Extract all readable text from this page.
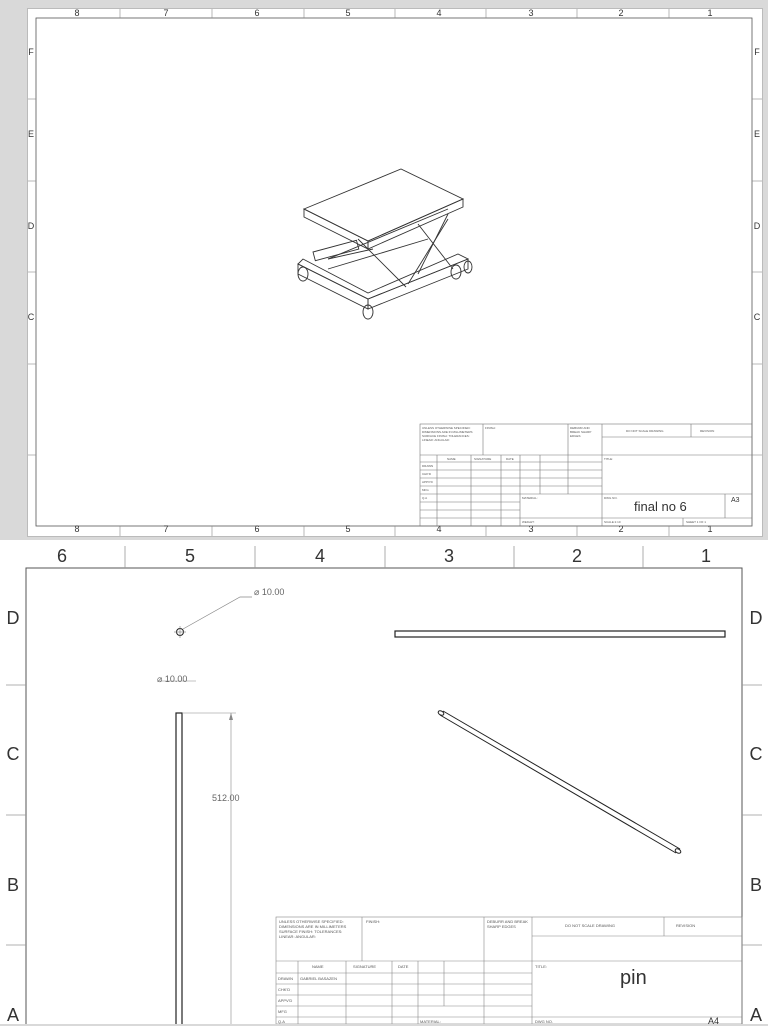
8	7	6	5	4	3	2	1
8	7	6	5	4	3	2	1
F
E
D
C
F
E
D
C
UNLESS OTHERWISE SPECIFIED: DIMENSIONS ARE IN MILLIMETERS SURFACE FINISH: TOLERANCES: LINEAR: ANGULAR:
FINISH:	DEBURR AND BREAK SHARP EDGES
DO NOT SCALE DRAWING	REVISION
NAME	SIGNATURE	DATE
DRAWN
CHK'D
APPV'D
MFG
Q.A
TITLE:
MATERIAL:	DWG NO.
final no 6	A3
WEIGHT:	SCALE:1:10	SHEET 1 OF 1
6	5	4	3	2	1
D
C
B
A
D
C
B
A
⌀ 10.00
⌀ 10.00
512.00
UNLESS OTHERWISE SPECIFIED: DIMENSIONS ARE IN MILLIMETERS SURFACE FINISH: TOLERANCES: LINEAR: ANGULAR:
FINISH:	DEBURR AND BREAK SHARP EDGES	DO NOT SCALE DRAWING	REVISION
NAME	SIGNATURE	DATE
DRAWN GABRIEL BASAZEN
CHK'D
APPV'D
MFG
Q.A
TITLE:
pin
MATERIAL:	DWG NO.	A4
